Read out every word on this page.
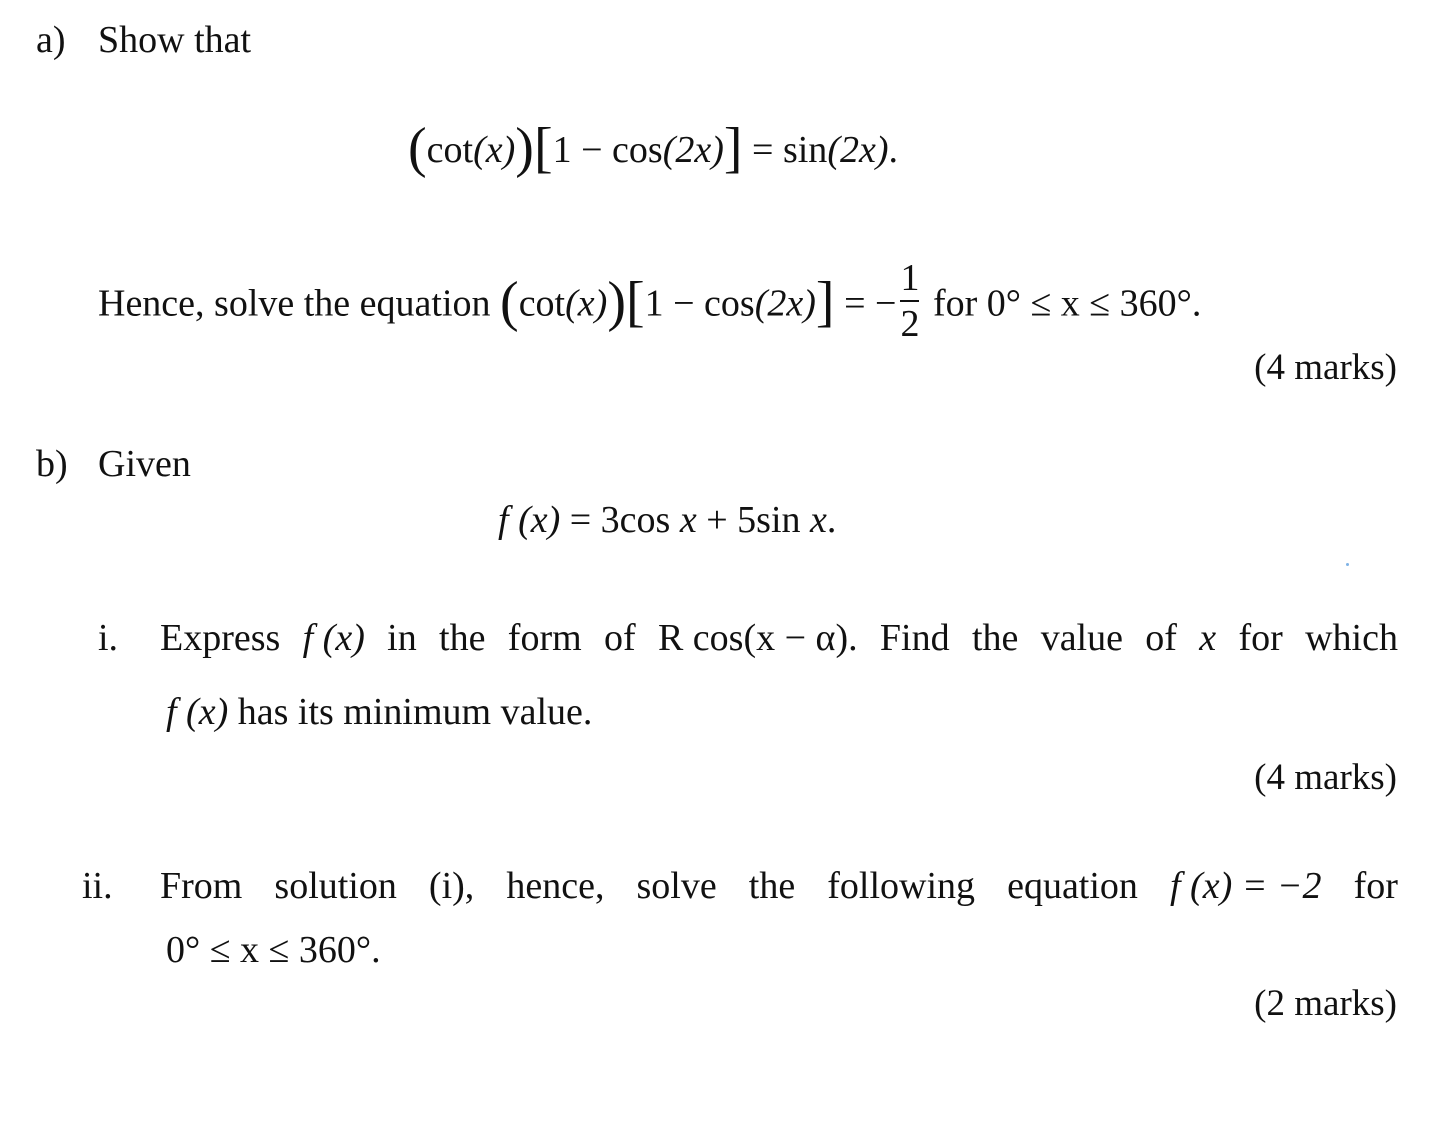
a) Show that
(cot(x))[1 − cos(2x)] = sin(2x).
Hence, solve the equation (cot(x))[1 − cos(2x)] = − $\frac{1}{2}$ for 0° ≤ x ≤ 360°.
(4 marks)
b) Given
f (x) = 3cos x + 5sin x.
i. Express f (x) in the form of R cos(x − α). Find the value of x for which
f (x) has its minimum value.
(4 marks)
ii. From solution (i), hence, solve the following equation f (x) = −2 for
0° ≤ x ≤ 360°.
(2 marks)
